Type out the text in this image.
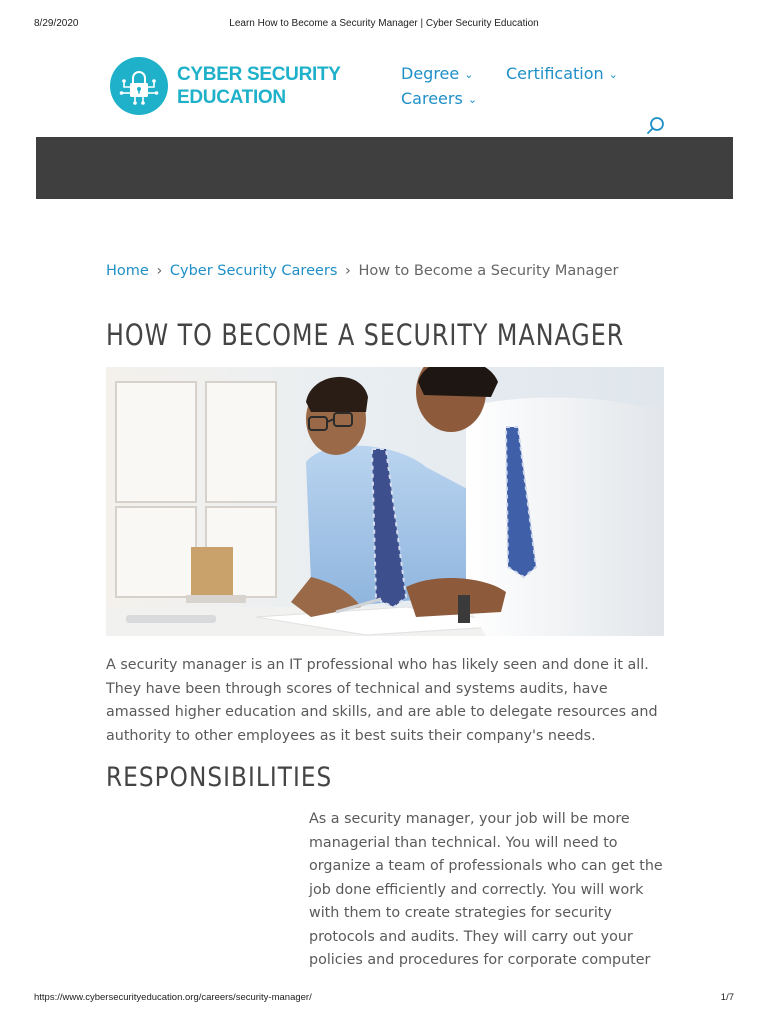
8/29/2020	Learn How to Become a Security Manager | Cyber Security Education
CYBER SECURITY
EDUCATION
Degree ⌄ Certification ⌄
Careers ⌄
Home › Cyber Security Careers › How to Become a Security Manager
HOW TO BECOME A SECURITY MANAGER

A security manager is an IT professional who has likely seen and done it all. They have been through scores of technical and systems audits, have amassed higher education and skills, and are able to delegate resources and authority to other employees as it best suits their company's needs.

RESPONSIBILITIES

As a security manager, your job will be more managerial than technical. You will need to organize a team of professionals who can get the job done efficiently and correctly. You will work with them to create strategies for security protocols and audits. They will carry out your policies and procedures for corporate computer

https://www.cybersecurityeducation.org/careers/security-manager/	1/7
